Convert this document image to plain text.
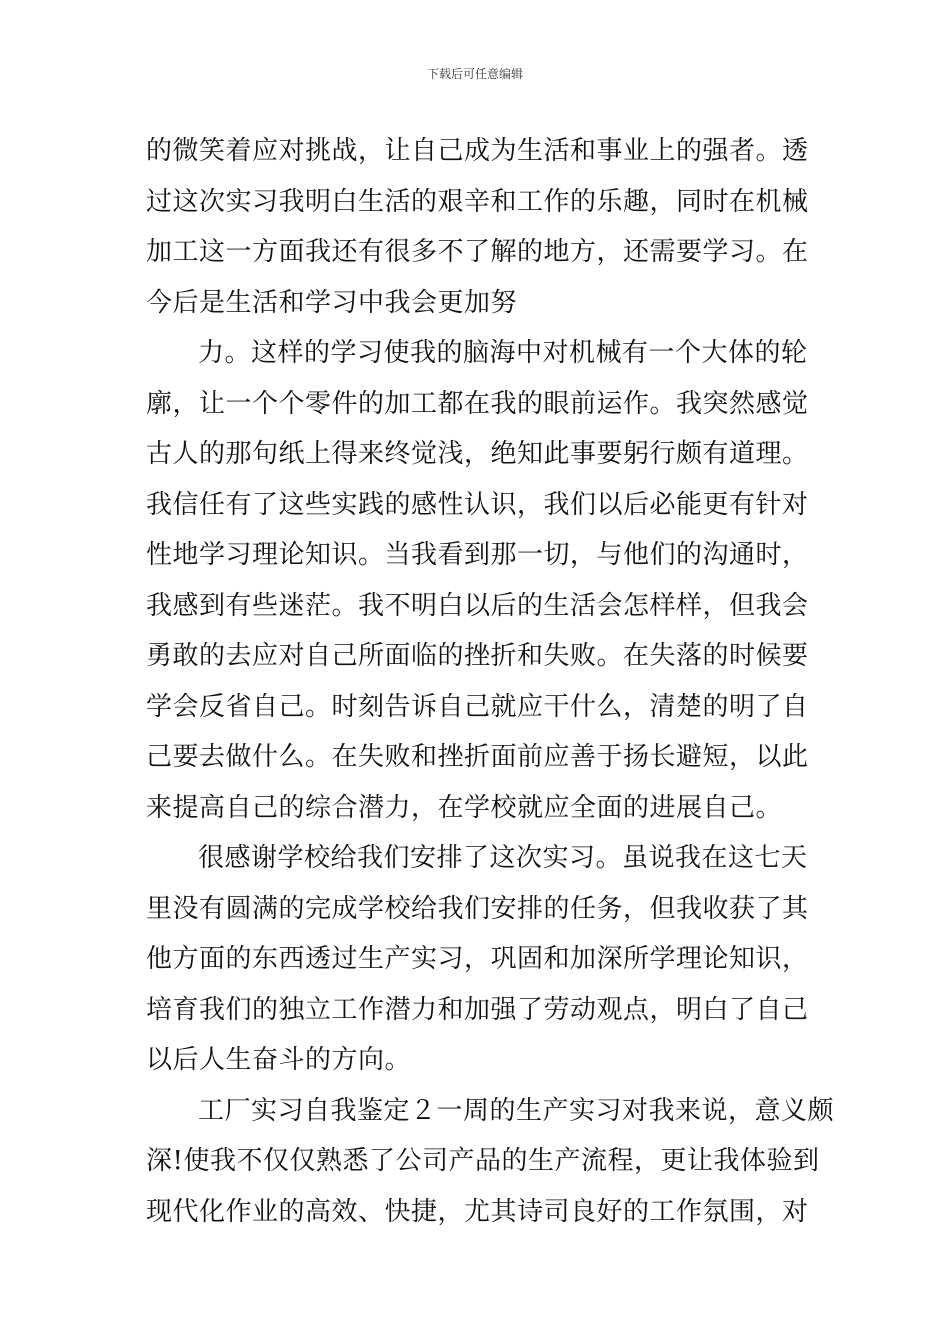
下载后可任意编辑
的微笑着应对挑战，让自己成为生活和事业上的强者。透
过这次实习我明白生活的艰辛和工作的乐趣，同时在机械
加工这一方面我还有很多不了解的地方，还需要学习。在
今后是生活和学习中我会更加努
力。这样的学习使我的脑海中对机械有一个大体的轮
廓，让一个个零件的加工都在我的眼前运作。我突然感觉
古人的那句纸上得来终觉浅，绝知此事要躬行颇有道理。
我信任有了这些实践的感性认识，我们以后必能更有针对
性地学习理论知识。当我看到那一切，与他们的沟通时，
我感到有些迷茫。我不明白以后的生活会怎样样，但我会
勇敢的去应对自己所面临的挫折和失败。在失落的时候要
学会反省自己。时刻告诉自己就应干什么，清楚的明了自
己要去做什么。在失败和挫折面前应善于扬长避短，以此
来提高自己的综合潜力，在学校就应全面的进展自己。
很感谢学校给我们安排了这次实习。虽说我在这七天
里没有圆满的完成学校给我们安排的任务，但我收获了其
他方面的东西透过生产实习，巩固和加深所学理论知识，
培育我们的独立工作潜力和加强了劳动观点，明白了自己
以后人生奋斗的方向。
工厂实习自我鉴定２一周的生产实习对我来说，意义颇
深!使我不仅仅熟悉了公司产品的生产流程，更让我体验到
现代化作业的高效、快捷，尤其诗司良好的工作氛围，对
